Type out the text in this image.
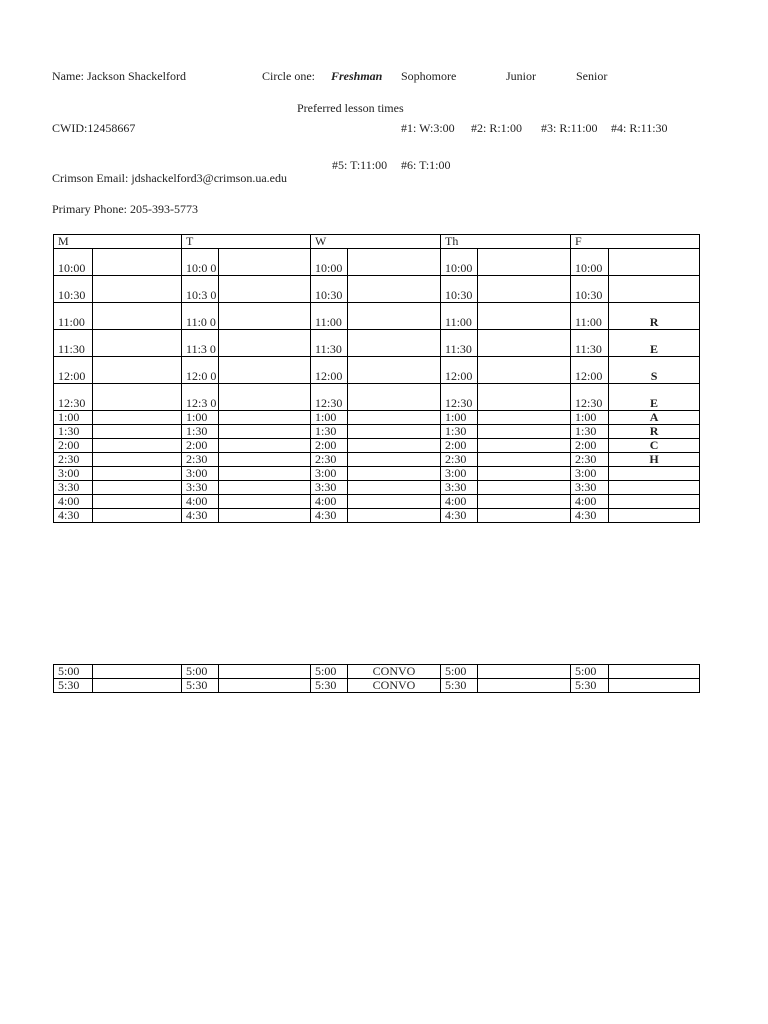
Name: Jackson Shackelford	Circle one: Freshman Sophomore	Junior	Senior
Preferred lesson times
CWID:12458667	#1: W:3:00 #2: R:1:00 #3: R:11:00 #4: R:11:30
#5: T:11:00 #6: T:1:00
Crimson Email: jdshackelford3@crimson.ua.edu
Primary Phone: 205-393-5773
M		T		W		Th		F	
10:00		10:0 0		10:00		10:00		10:00	
10:30		10:3 0		10:30		10:30		10:30	
11:00		11:0 0		11:00		11:00		11:00	R
11:30		11:3 0		11:30		11:30		11:30	E
12:00		12:0 0		12:00		12:00		12:00	S
12:30		12:3 0		12:30		12:30		12:30	E
1:00		1:00		1:00		1:00		1:00	A
1:30		1:30		1:30		1:30		1:30	R
2:00		2:00		2:00		2:00		2:00	C
2:30		2:30		2:30		2:30		2:30	H
3:00		3:00		3:00		3:00		3:00	
3:30		3:30		3:30		3:30		3:30	
4:00		4:00		4:00		4:00		4:00	
4:30		4:30		4:30		4:30		4:30	
5:00		5:00		5:00	CONVO	5:00		5:00	
5:30		5:30		5:30	CONVO	5:30		5:30	
